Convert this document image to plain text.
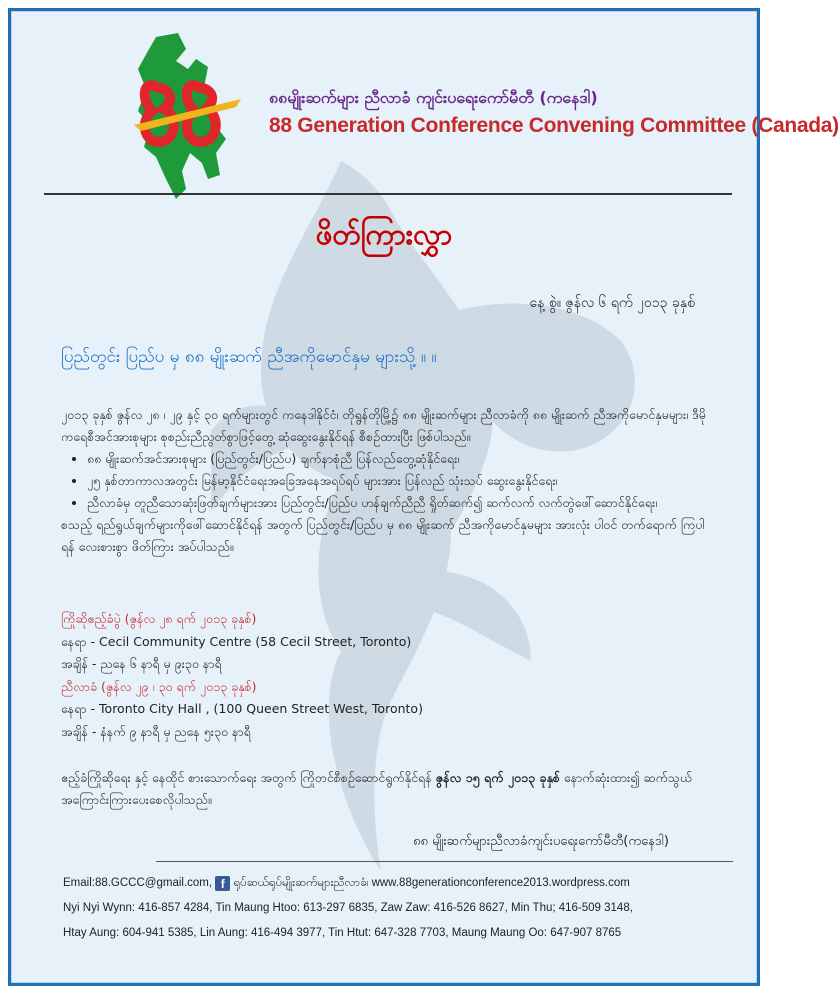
၈၈မျိုးဆက်များ ညီလာခံ ကျင်းပရေးကော်မီတီ (ကနေဒါ)
88 Generation Conference Convening Committee (Canada)
ဖိတ်ကြားလွှာ
နေ့ စွဲ။ ဇွန်လ ၆ ရက် ၂၀၁၃ ခုနှစ်
ပြည်တွင်း ပြည်ပ မှ ၈၈ မျိုးဆက် ညီအကိုမောင်နှမ များသို့ ။ ။

၂၀၁၃ ခုနှစ် ဇွန်လ ၂၈ ၊ ၂၉ နှင့် ၃၀ ရက်များတွင် ကနေဒါနိုင်ငံ၊ တိုရွန်တိုမြို့၌ ၈၈ မျိုးဆက်များ ညီလာခံကို ၈၈ မျိုးဆက် ညီအကိုမောင်နှမများ၊ ဒီမိုကရေစီအင်အားစုများ စုစည်းညီညွတ်စွာဖြင့်တွေ့ ဆုံဆွေးနွေးနိုင်ရန် စီစဥ်ထားပြီး ဖြစ်ပါသည်။

• ၈၈ မျိုးဆက်အင်အားစုများ (ပြည်တွင်း/ပြည်ပ) ချက်နာစုံညီ ပြန်လည်တွေ့ဆုံနိုင်ရေး၊
• ၂၅ နှစ်တာကာလအတွင်း မြန်မာ့နိုင်ငံရေးအခြေအနေအရပ်ရပ် များအား ပြန်လည် သုံးသပ် ဆွေးနွေးနိုင်ရေး၊
• ညီလာခံမှ တူညီသောဆုံးဖြတ်ချက်များအား ပြည်တွင်း/ပြည်ပ ဟန်ချက်ညီညီ ရှိုတ်ဆက်၍ ဆက်လက် လက်တွဲဖေါ်ဆောင်နိုင်ရေး၊

စသည့် ရည်ရွယ်ချက်များကိုဖေါ်ဆောင်နိုင်ရန် အတွက် ပြည်တွင်း/ပြည်ပ မှ ၈၈ မျိုးဆက် ညီအကိုမောင်နှမများ အားလုံး ပါဝင် တက်ရောက် ကြပါရန် လေးစားစွာ ဖိတ်ကြား အပ်ပါသည်။

ကြိုဆိုဧည့်ခံပွဲ (ဇွန်လ ၂၈ ရက် ၂၀၁၃ ခုနှစ်)
နေရာ - Cecil Community Centre (58 Cecil Street, Toronto)
အချိန် - ညနေ ၆ နာရီ မှ ၉း၃၀ နာရီ
ညီလာခံ (ဇွန်လ ၂၉ ၊ ၃၀ ရက် ၂၀၁၃ ခုနှစ်)
နေရာ - Toronto City Hall , (100 Queen Street West, Toronto)
အချိန် - နံနက် ၉ နာရီ မှ ညနေ ၅း၃၀ နာရီ
ဧည့်ခံကြိုဆိုရေး နှင့် နေထိုင် စားသောက်ရေး အတွက် ကြိုတင်စီစဥ်ဆောင်ရွက်နိုင်ရန် ဇွန်လ ၁၅ ရက် ၂၀၁၃ ခုနှစ် နောက်ဆုံးထား၍ ဆက်သွယ် အကြောင်းကြားပေးစေလိုပါသည်။
၈၈ မျိုးဆက်များညီလာခံကျင်းပရေးကော်မီတီ(ကနေဒါ)
Email:88.GCCC@gmail.com, f ရုပ်ဆယ်ရုပ်မျိုးဆက်များညီလာခံ၊ www.88generationconference2013.wordpress.com
Nyi Nyi Wynn: 416-857 4284, Tin Maung Htoo: 613-297 6835, Zaw Zaw: 416-526 8627, Min Thu; 416-509 3148,
Htay Aung: 604-941 5385, Lin Aung: 416-494 3977, Tin Htut: 647-328 7703, Maung Maung Oo: 647-907 8765
